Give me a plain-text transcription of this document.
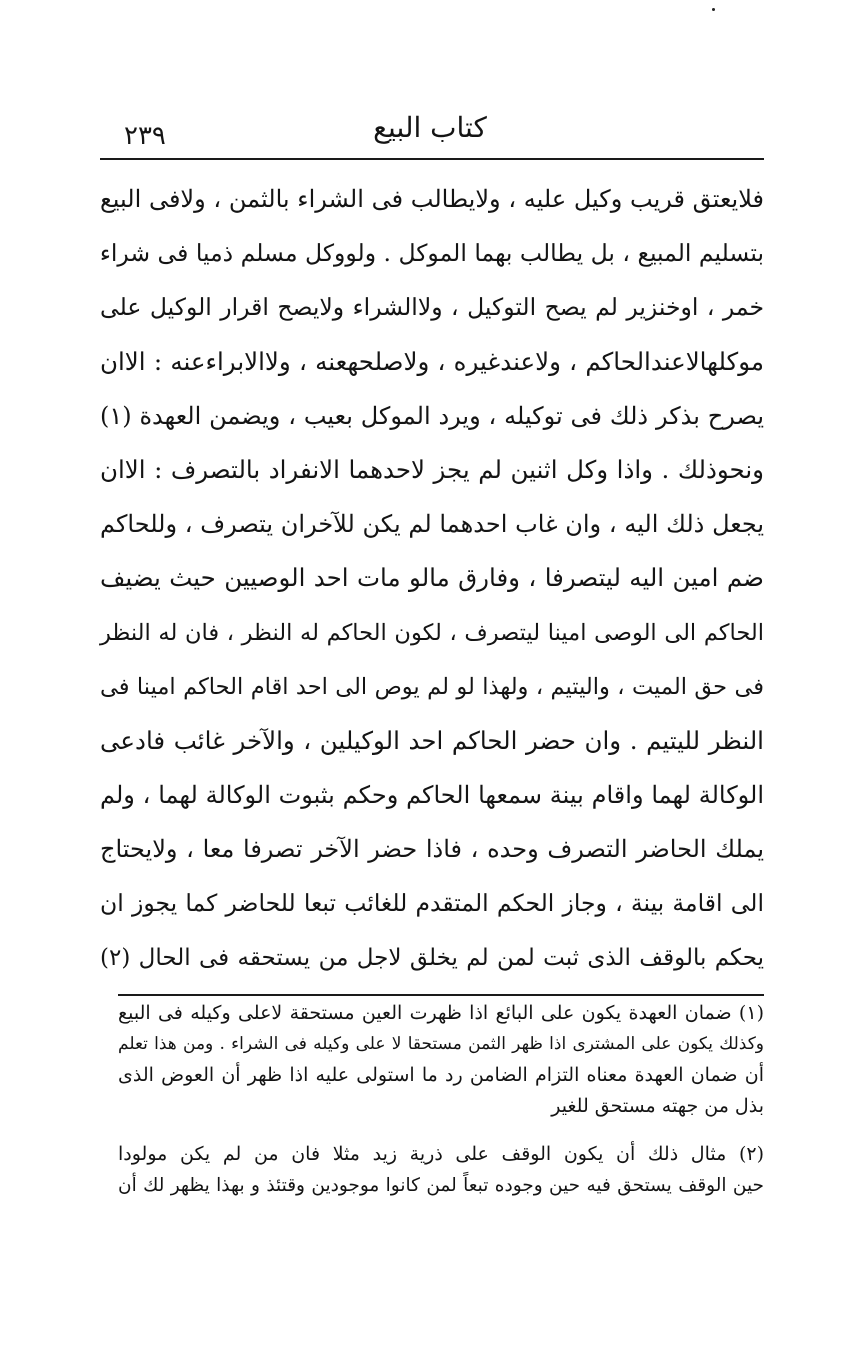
كتاب البيع
٢٣٩
فلايعتق قريب وكيل عليه ، ولايطالب فى الشراء بالثمن ، ولافى البيع
بتسليم المبيع ، بل يطالب بهما الموكل . ولووكل مسلم ذميا فى شراء
خمر ، اوخنزير لم يصح التوكيل ، ولاالشراء ولايصح اقرار الوكيل على
موكلهالاعندالحاكم ، ولاعندغيره ، ولاصلحهعنه ، ولاالابراءعنه : الاان
يصرح بذكر ذلك فى توكيله ، ويرد الموكل بعيب ، ويضمن العهدة (١)
ونحوذلك . واذا وكل اثنين لم يجز لاحدهما الانفراد بالتصرف : الاان
يجعل ذلك اليه ، وان غاب احدهما لم يكن للآخران يتصرف ، وللحاكم
ضم امين اليه ليتصرفا ، وفارق مالو مات احد الوصيين حيث يضيف
الحاكم الى الوصى امينا ليتصرف ، لكون الحاكم له النظر ، فان له النظر
فى حق الميت ، واليتيم ، ولهذا لو لم يوص الى احد اقام الحاكم امينا فى
النظر لليتيم . وان حضر الحاكم احد الوكيلين ، والآخر غائب فادعى
الوكالة لهما واقام بينة سمعها الحاكم وحكم بثبوت الوكالة لهما ، ولم
يملك الحاضر التصرف وحده ، فاذا حضر الآخر تصرفا معا ، ولايحتاج
الى اقامة بينة ، وجاز الحكم المتقدم للغائب تبعا للحاضر كما يجوز ان
يحكم بالوقف الذى ثبت لمن لم يخلق لاجل من يستحقه فى الحال (٢)
(١) ضمان العهدة يكون على البائع اذا ظهرت العين مستحقة لاعلى وكيله فى البيع
وكذلك يكون على المشترى اذا ظهر الثمن مستحقا لا على وكيله فى الشراء . ومن هذا تعلم
أن ضمان العهدة معناه التزام الضامن رد ما استولى عليه اذا ظهر أن العوض الذى
بذل من جهته مستحق للغير
(٢) مثال ذلك أن يكون الوقف على ذرية زيد مثلا فان من لم يكن مولودا
حين الوقف يستحق فيه حين وجوده تبعاً لمن كانوا موجودين وقتئذ و بهذا يظهر لك أن
